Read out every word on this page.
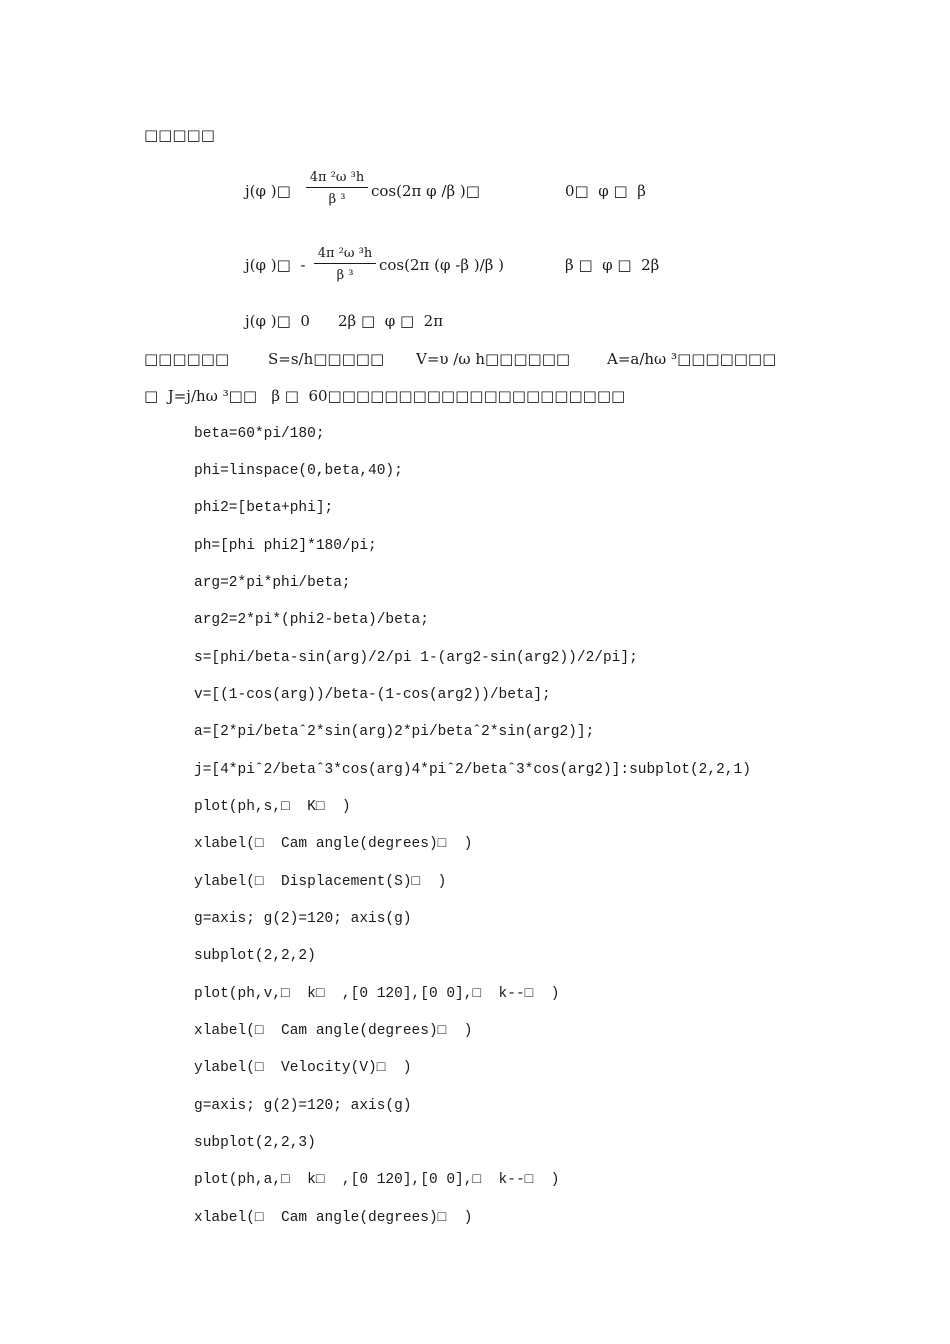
□□□□□
j(φ )□
4π ²ω ³h
β ³	cos(2π φ /β )□	0□  φ □  β
j(φ )□  -
4π ²ω ³h
β ³
cos(2π (φ -β )/β )	β □  φ □  2β
j(φ )□  0 2β □  φ □  2π
□□□□□□	S=s/h□□□□□ V=υ /ω h□□□□□□ A=a/hω ³□□□□□□□
□  J=j/hω ³□□   β □  60□□□□□□□□□□□□□□□□□□□□□
beta=60*pi/180;
phi=linspace(0,beta,40);
phi2=[beta+phi];
ph=[phi phi2]*180/pi;
arg=2*pi*phi/beta;
arg2=2*pi*(phi2-beta)/beta;
s=[phi/beta-sin(arg)/2/pi 1-(arg2-sin(arg2))/2/pi];
v=[(1-cos(arg))/beta-(1-cos(arg2))/beta];
a=[2*pi/betaˆ2*sin(arg)2*pi/betaˆ2*sin(arg2)];
j=[4*piˆ2/betaˆ3*cos(arg)4*piˆ2/betaˆ3*cos(arg2)]:subplot(2,2,1)
plot(ph,s,□  K□  )
xlabel(□  Cam angle(degrees)□  )
ylabel(□  Displacement(S)□  )
g=axis; g(2)=120; axis(g)
subplot(2,2,2)
plot(ph,v,□  k□  ,[0 120],[0 0],□  k--□  )
xlabel(□  Cam angle(degrees)□  )
ylabel(□  Velocity(V)□  )
g=axis; g(2)=120; axis(g)
subplot(2,2,3)
plot(ph,a,□  k□  ,[0 120],[0 0],□  k--□  )
xlabel(□  Cam angle(degrees)□  )
